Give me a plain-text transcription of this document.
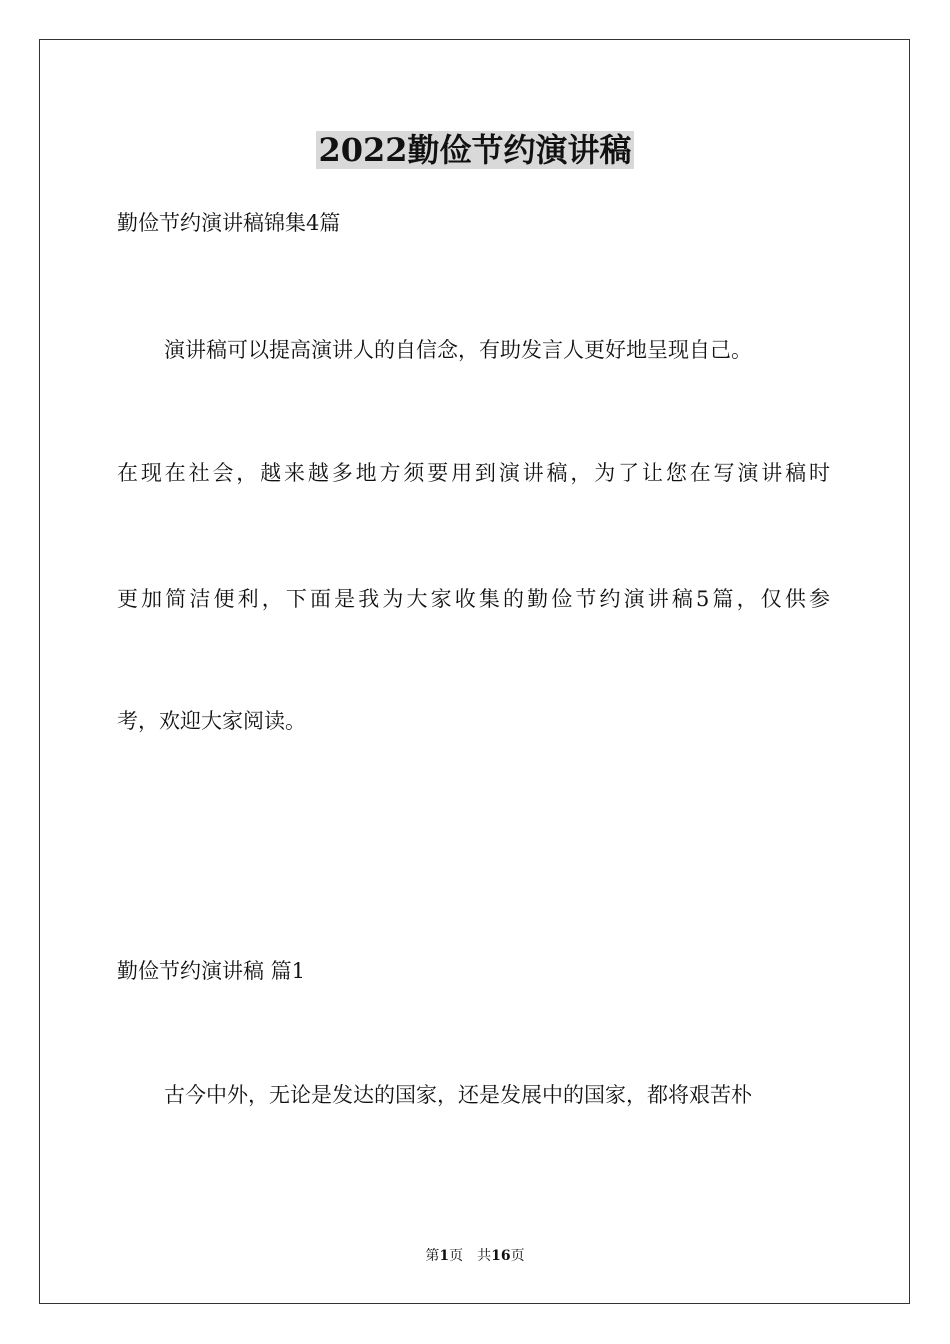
2022勤俭节约演讲稿
勤俭节约演讲稿锦集4篇
演讲稿可以提高演讲人的自信念，有助发言人更好地呈现自己。
在现在社会，越来越多地方须要用到演讲稿，为了让您在写演讲稿时
更加简洁便利，下面是我为大家收集的勤俭节约演讲稿5篇，仅供参
考，欢迎大家阅读。
勤俭节约演讲稿 篇1
古今中外，无论是发达的国家，还是发展中的国家，都将艰苦朴
第1页　共16页
